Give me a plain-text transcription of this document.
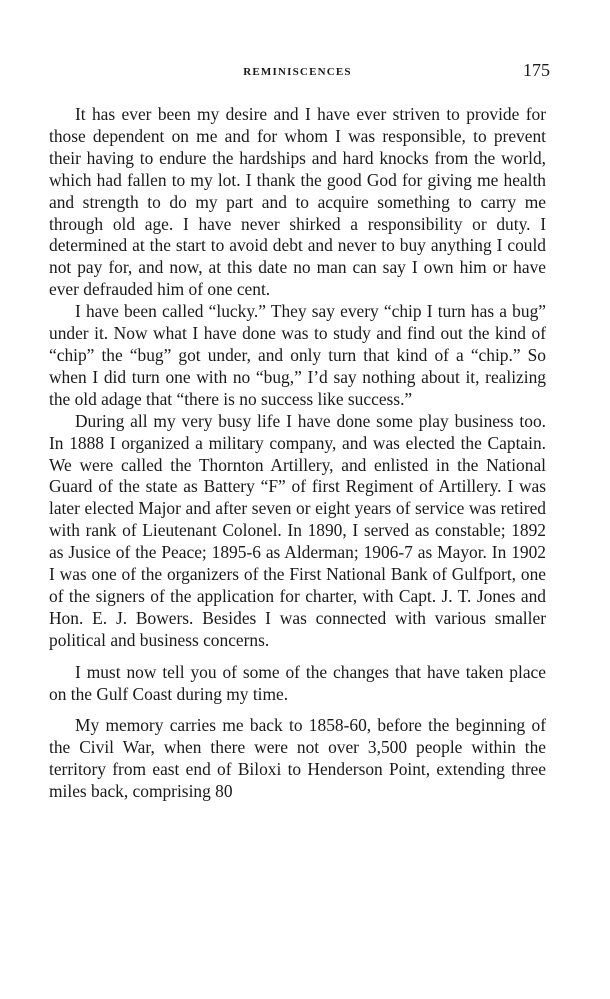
REMINISCENCES	175

It has ever been my desire and I have ever striven to provide for those dependent on me and for whom I was responsible, to prevent their having to endure the hardships and hard knocks from the world, which had fallen to my lot. I thank the good God for giving me health and strength to do my part and to acquire something to carry me through old age. I have never shirked a responsibility or duty. I determined at the start to avoid debt and never to buy anything I could not pay for, and now, at this date no man can say I own him or have ever defrauded him of one cent.

I have been called “lucky.” They say every “chip I turn has a bug” under it. Now what I have done was to study and find out the kind of “chip” the “bug” got under, and only turn that kind of a “chip.” So when I did turn one with no “bug,” I’d say nothing about it, realizing the old adage that “there is no success like success.”

During all my very busy life I have done some play business too. In 1888 I organized a military company, and was elected the Captain. We were called the Thornton Artillery, and enlisted in the National Guard of the state as Battery “F” of first Regiment of Artillery. I was later elected Major and after seven or eight years of service was retired with rank of Lieutenant Colonel. In 1890, I served as constable; 1892 as Jusice of the Peace; 1895-6 as Alderman; 1906-7 as Mayor. In 1902 I was one of the organizers of the First National Bank of Gulfport, one of the signers of the application for charter, with Capt. J. T. Jones and Hon. E. J. Bowers. Besides I was connected with various smaller political and business concerns.

I must now tell you of some of the changes that have taken place on the Gulf Coast during my time.

My memory carries me back to 1858-60, before the beginning of the Civil War, when there were not over 3,500 people within the territory from east end of Biloxi to Henderson Point, extending three miles back, comprising 80
